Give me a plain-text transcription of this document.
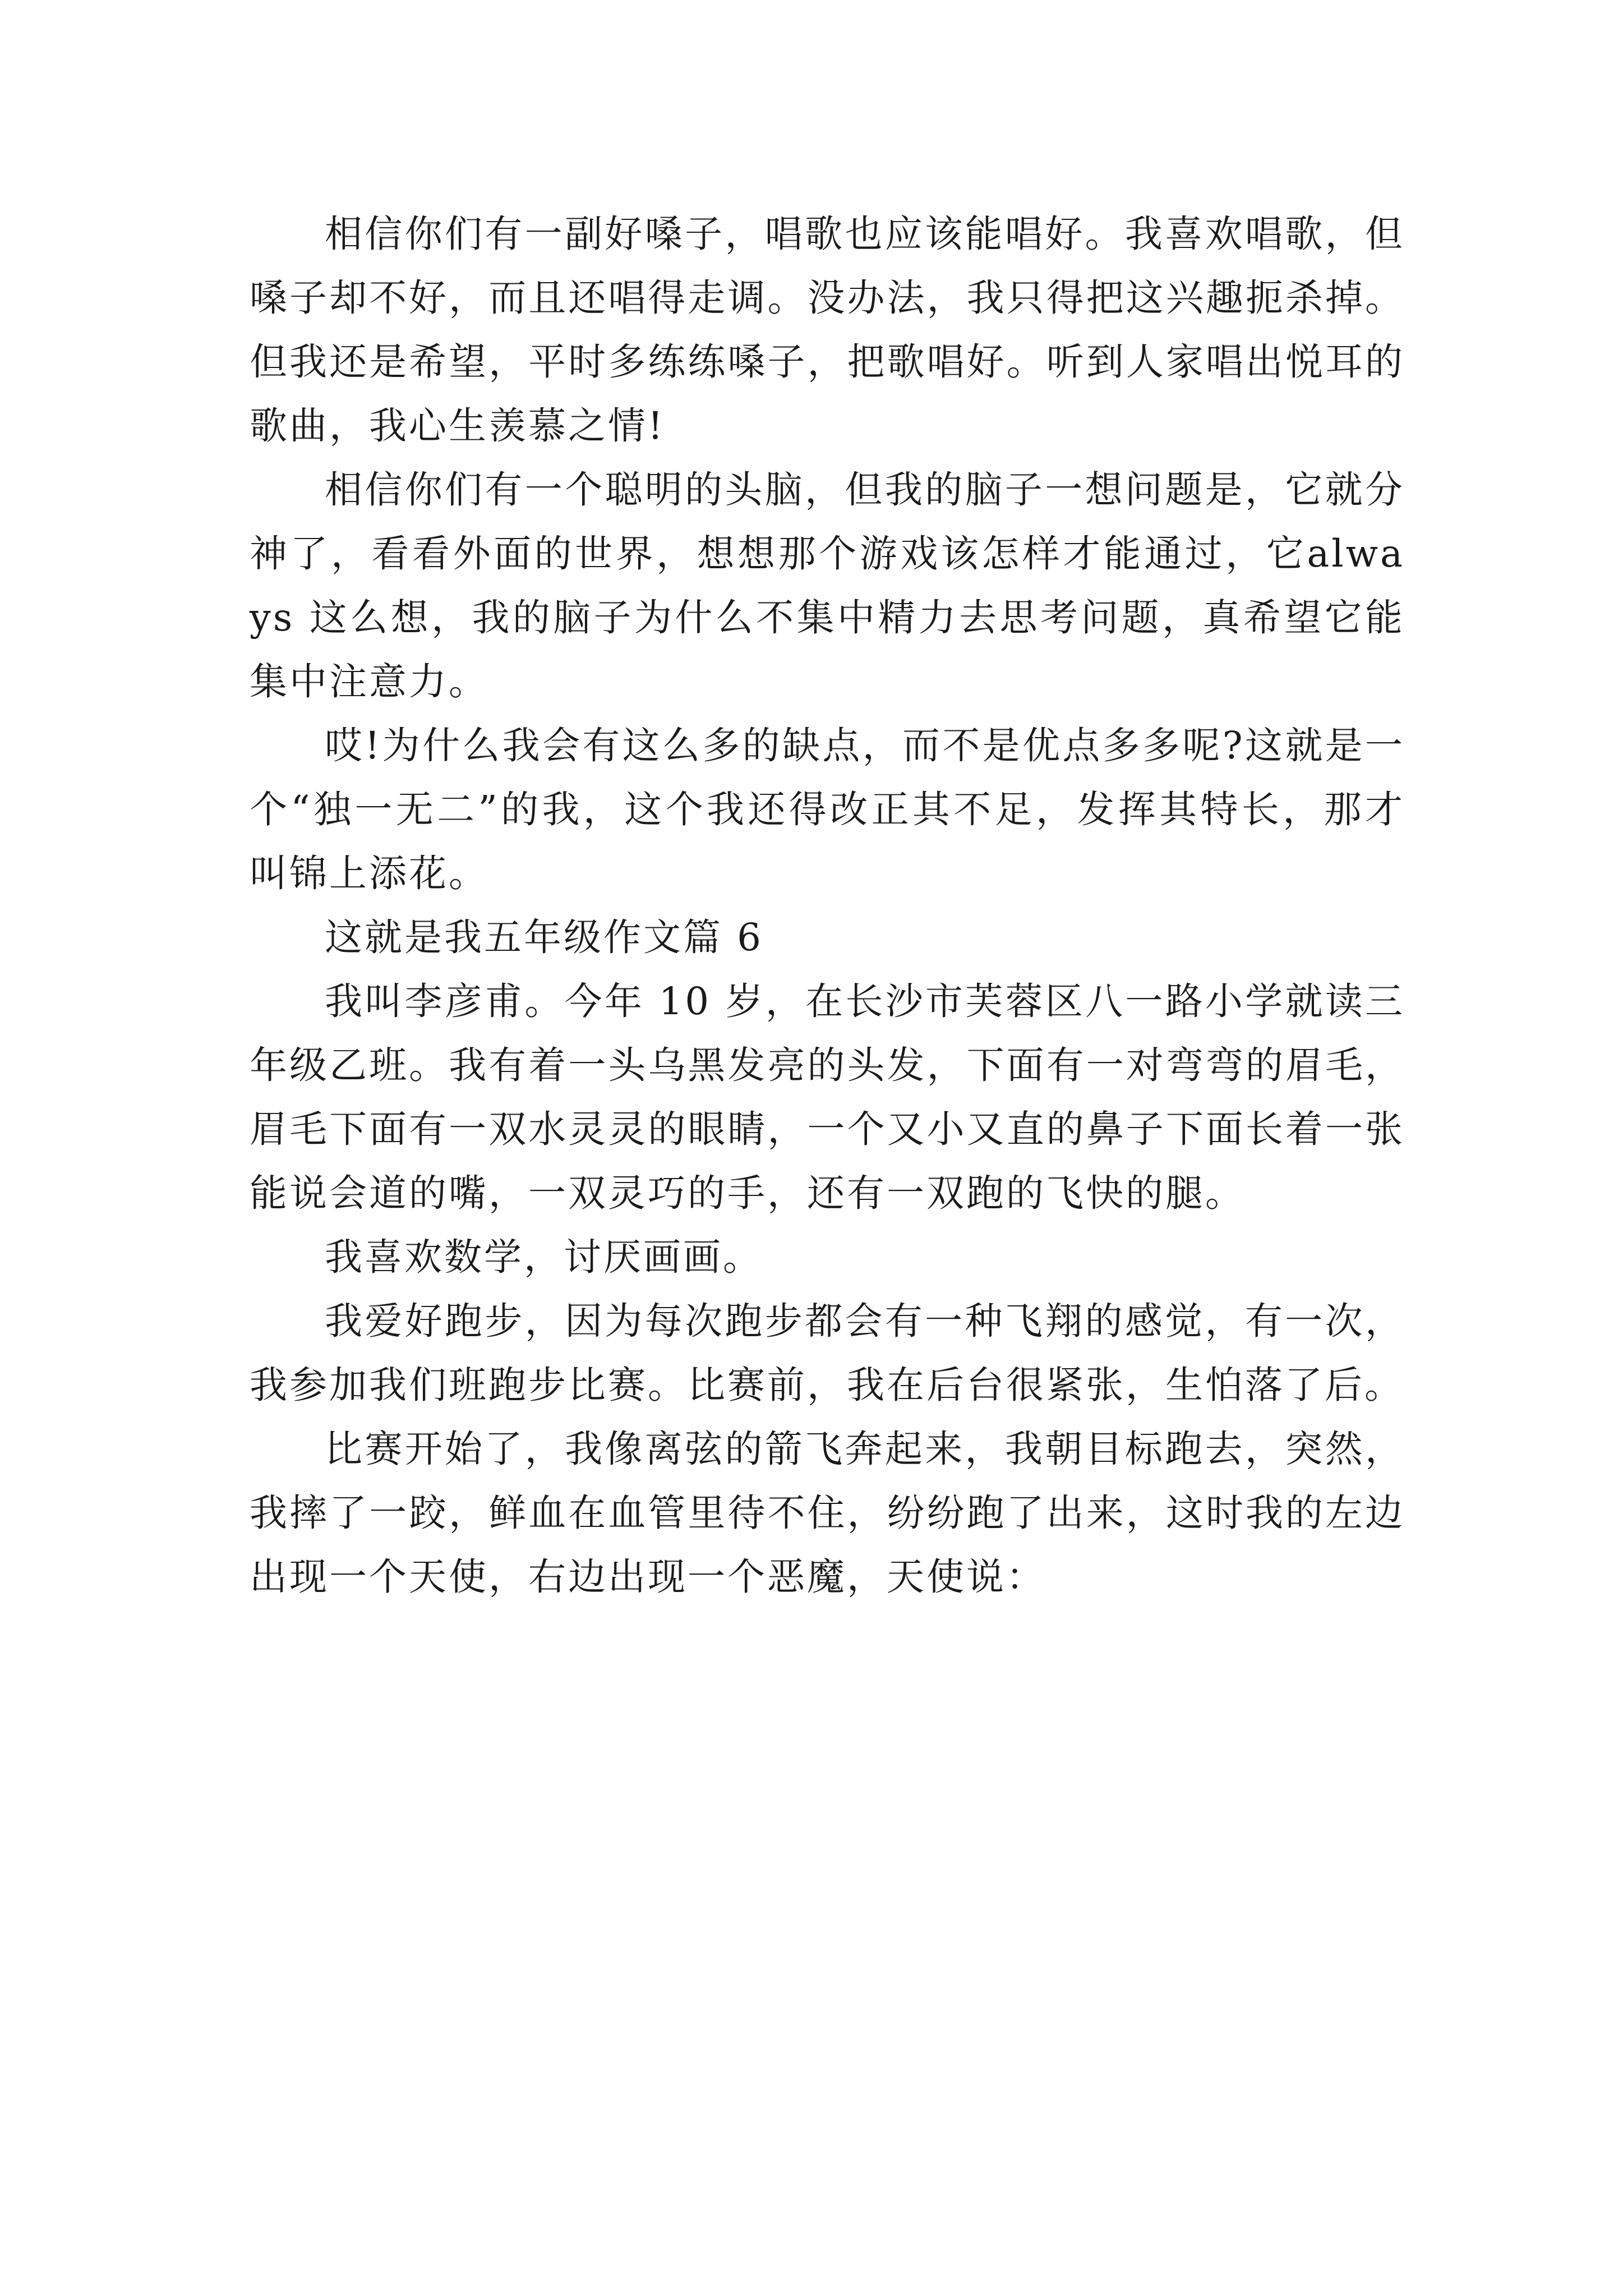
相信你们有一副好嗓子，唱歌也应该能唱好。我喜欢唱歌，但嗓子却不好，而且还唱得走调。没办法，我只得把这兴趣扼杀掉。但我还是希望，平时多练练嗓子，把歌唱好。听到人家唱出悦耳的歌曲，我心生羡慕之情!

相信你们有一个聪明的头脑，但我的脑子一想问题是，它就分神了，看看外面的世界，想想那个游戏该怎样才能通过，它always 这么想，我的脑子为什么不集中精力去思考问题，真希望它能集中注意力。

哎!为什么我会有这么多的缺点，而不是优点多多呢?这就是一个“独一无二”的我，这个我还得改正其不足，发挥其特长，那才叫锦上添花。

这就是我五年级作文篇 6

我叫李彦甫。今年 10 岁，在长沙市芙蓉区八一路小学就读三年级乙班。我有着一头乌黑发亮的头发，下面有一对弯弯的眉毛，眉毛下面有一双水灵灵的眼睛，一个又小又直的鼻子下面长着一张能说会道的嘴，一双灵巧的手，还有一双跑的飞快的腿。

我喜欢数学，讨厌画画。

我爱好跑步，因为每次跑步都会有一种飞翔的感觉，有一次，我参加我们班跑步比赛。比赛前，我在后台很紧张，生怕落了后。

比赛开始了，我像离弦的箭飞奔起来，我朝目标跑去，突然，我摔了一跤，鲜血在血管里待不住，纷纷跑了出来，这时我的左边出现一个天使，右边出现一个恶魔，天使说：
